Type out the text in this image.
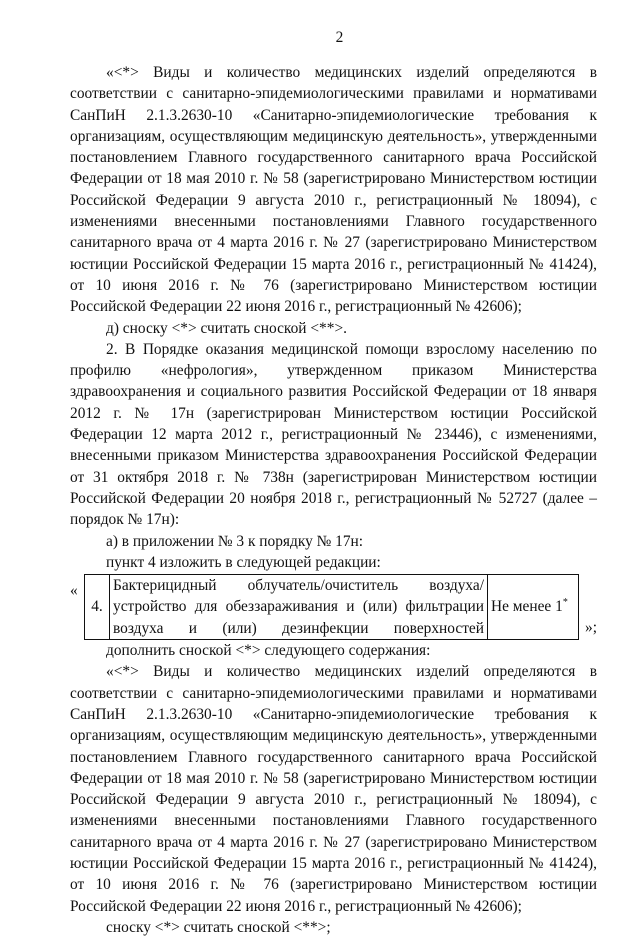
2

«<*> Виды и количество медицинских изделий определяются в соответствии с санитарно-эпидемиологическими правилами и нормативами СанПиН 2.1.3.2630-10 «Санитарно-эпидемиологические требования к организациям, осуществляющим медицинскую деятельность», утвержденными постановлением Главного государственного санитарного врача Российской Федерации от 18 мая 2010 г. № 58 (зарегистрировано Министерством юстиции Российской Федерации 9 августа 2010 г., регистрационный № 18094), с изменениями внесенными постановлениями Главного государственного санитарного врача от 4 марта 2016 г. № 27 (зарегистрировано Министерством юстиции Российской Федерации 15 марта 2016 г., регистрационный № 41424), от 10 июня 2016 г. № 76 (зарегистрировано Министерством юстиции Российской Федерации 22 июня 2016 г., регистрационный № 42606);

д) сноску <*> считать сноской <**>.

2. В Порядке оказания медицинской помощи взрослому населению по профилю «нефрология», утвержденном приказом Министерства здравоохранения и социального развития Российской Федерации от 18 января 2012 г. № 17н (зарегистрирован Министерством юстиции Российской Федерации 12 марта 2012 г., регистрационный № 23446), с изменениями, внесенными приказом Министерства здравоохранения Российской Федерации от 31 октября 2018 г. № 738н (зарегистрирован Министерством юстиции Российской Федерации 20 ноября 2018 г., регистрационный № 52727 (далее – порядок № 17н):

а) в приложении № 3 к порядку № 17н:

пункт 4 изложить в следующей редакции:

«
4.	Бактерицидный облучатель/очиститель воздуха/устройство для обеззараживания и (или) фильтрации воздуха и (или) дезинфекции поверхностей	Не менее 1*
»;

дополнить сноской <*> следующего содержания:

«<*> Виды и количество медицинских изделий определяются в соответствии с санитарно-эпидемиологическими правилами и нормативами СанПиН 2.1.3.2630-10 «Санитарно-эпидемиологические требования к организациям, осуществляющим медицинскую деятельность», утвержденными постановлением Главного государственного санитарного врача Российской Федерации от 18 мая 2010 г. № 58 (зарегистрировано Министерством юстиции Российской Федерации 9 августа 2010 г., регистрационный № 18094), с изменениями внесенными постановлениями Главного государственного санитарного врача от 4 марта 2016 г. № 27 (зарегистрировано Министерством юстиции Российской Федерации 15 марта 2016 г., регистрационный № 41424), от 10 июня 2016 г. № 76 (зарегистрировано Министерством юстиции Российской Федерации 22 июня 2016 г., регистрационный № 42606);

сноску <*> считать сноской <**>;
